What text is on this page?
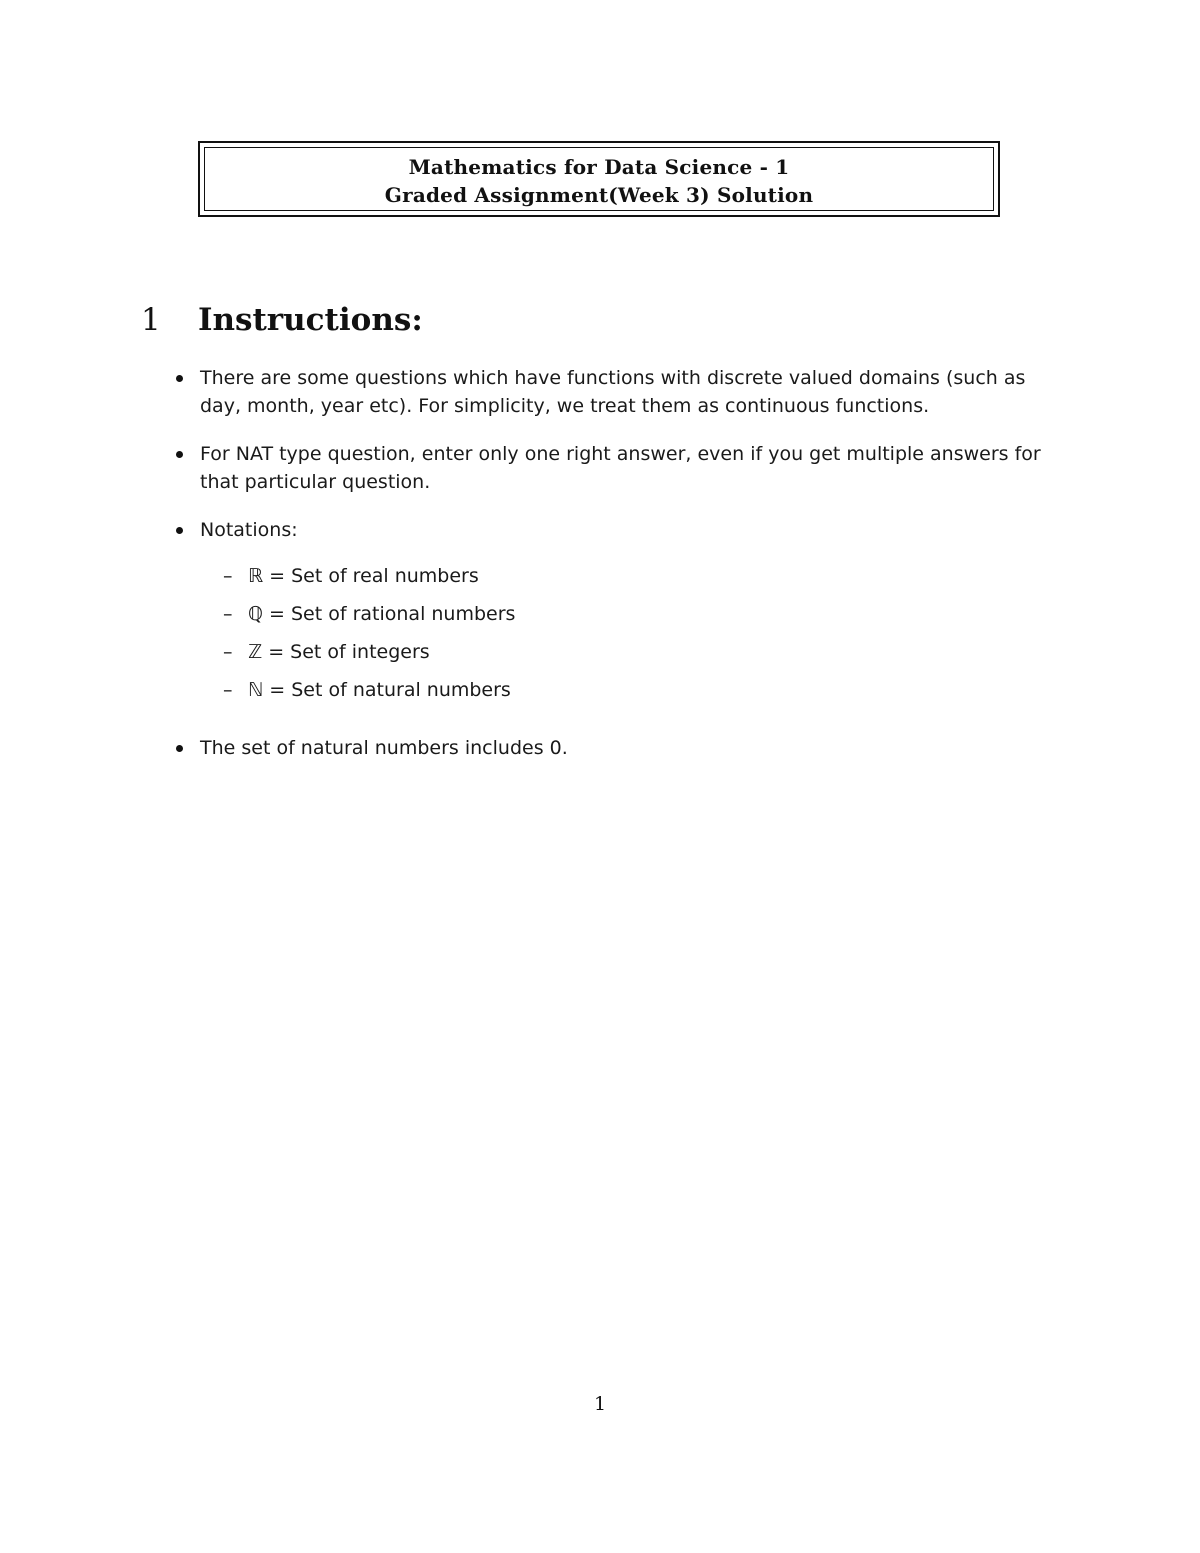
Mathematics for Data Science - 1
Graded Assignment(Week 3) Solution
1 Instructions:
There are some questions which have functions with discrete valued domains (such as day, month, year etc). For simplicity, we treat them as continuous functions.
For NAT type question, enter only one right answer, even if you get multiple answers for that particular question.
Notations:
– ℝ = Set of real numbers
– ℚ = Set of rational numbers
– ℤ = Set of integers
– ℕ = Set of natural numbers
The set of natural numbers includes 0.
1
